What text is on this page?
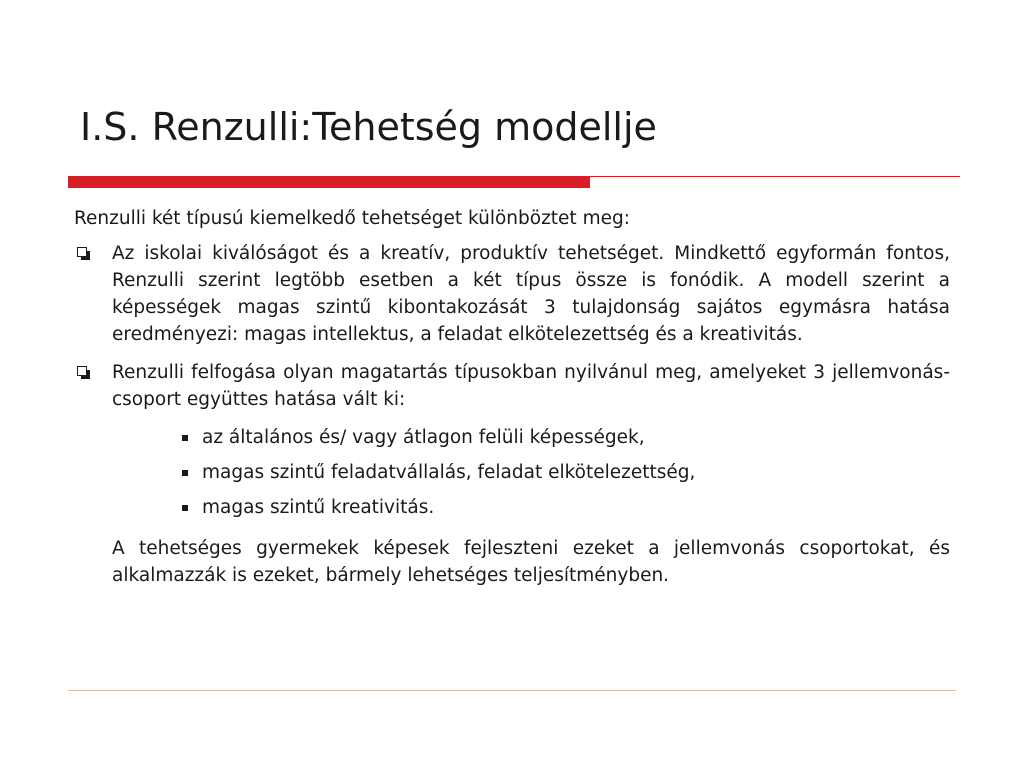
I.S. Renzulli:Tehetség modellje

Renzulli két típusú kiemelkedő tehetséget különböztet meg:

Az iskolai kiválóságot és a kreatív, produktív tehetséget. Mindkettő egyformán fontos, Renzulli szerint legtöbb esetben a két típus össze is fonódik. A modell szerint a képességek magas szintű kibontakozását 3 tulajdonság sajátos egymásra hatása eredményezi: magas intellektus, a feladat elkötelezettség és a kreativitás.
Renzulli felfogása olyan magatartás típusokban nyilvánul meg, amelyeket 3 jellemvonás-csoport együttes hatása vált ki:
az általános és/ vagy átlagon felüli képességek,
magas szintű feladatvállalás, feladat elkötelezettség,
magas szintű kreativitás.

A tehetséges gyermekek képesek fejleszteni ezeket a jellemvonás csoportokat, és alkalmazzák is ezeket, bármely lehetséges teljesítményben.
